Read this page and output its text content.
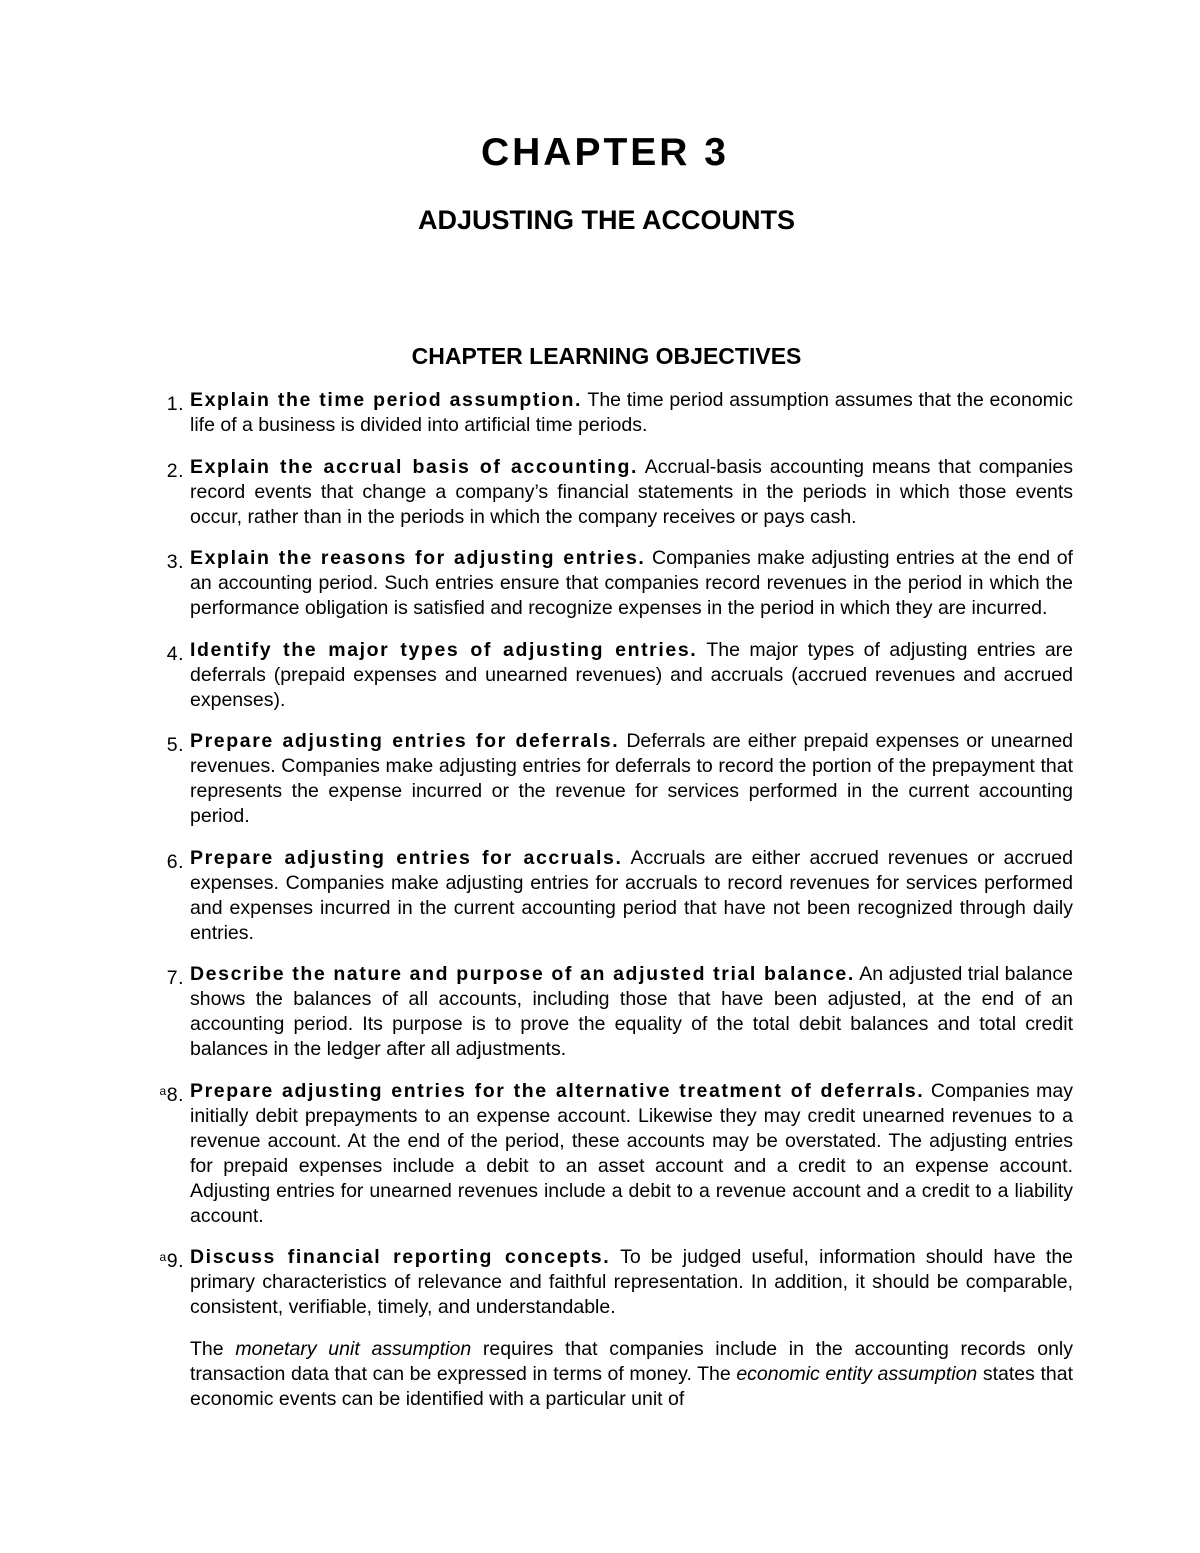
CHAPTER 3
ADJUSTING THE ACCOUNTS
CHAPTER LEARNING OBJECTIVES
1. Explain the time period assumption. The time period assumption assumes that the economic life of a business is divided into artificial time periods.
2. Explain the accrual basis of accounting. Accrual-basis accounting means that companies record events that change a company’s financial statements in the periods in which those events occur, rather than in the periods in which the company receives or pays cash.
3. Explain the reasons for adjusting entries. Companies make adjusting entries at the end of an accounting period. Such entries ensure that companies record revenues in the period in which the performance obligation is satisfied and recognize expenses in the period in which they are incurred.
4. Identify the major types of adjusting entries. The major types of adjusting entries are deferrals (prepaid expenses and unearned revenues) and accruals (accrued revenues and accrued expenses).
5. Prepare adjusting entries for deferrals. Deferrals are either prepaid expenses or unearned revenues. Companies make adjusting entries for deferrals to record the portion of the prepayment that represents the expense incurred or the revenue for services performed in the current accounting period.
6. Prepare adjusting entries for accruals. Accruals are either accrued revenues or accrued expenses. Companies make adjusting entries for accruals to record revenues for services performed and expenses incurred in the current accounting period that have not been recognized through daily entries.
7. Describe the nature and purpose of an adjusted trial balance. An adjusted trial balance shows the balances of all accounts, including those that have been adjusted, at the end of an accounting period. Its purpose is to prove the equality of the total debit balances and total credit balances in the ledger after all adjustments.
$^a$8. Prepare adjusting entries for the alternative treatment of deferrals. Companies may initially debit prepayments to an expense account. Likewise they may credit unearned revenues to a revenue account. At the end of the period, these accounts may be overstated. The adjusting entries for prepaid expenses include a debit to an asset account and a credit to an expense account. Adjusting entries for unearned revenues include a debit to a revenue account and a credit to a liability account.
$^a$9. Discuss financial reporting concepts. To be judged useful, information should have the primary characteristics of relevance and faithful representation. In addition, it should be comparable, consistent, verifiable, timely, and understandable.

The monetary unit assumption requires that companies include in the accounting records only transaction data that can be expressed in terms of money. The economic entity assumption states that economic events can be identified with a particular unit of
